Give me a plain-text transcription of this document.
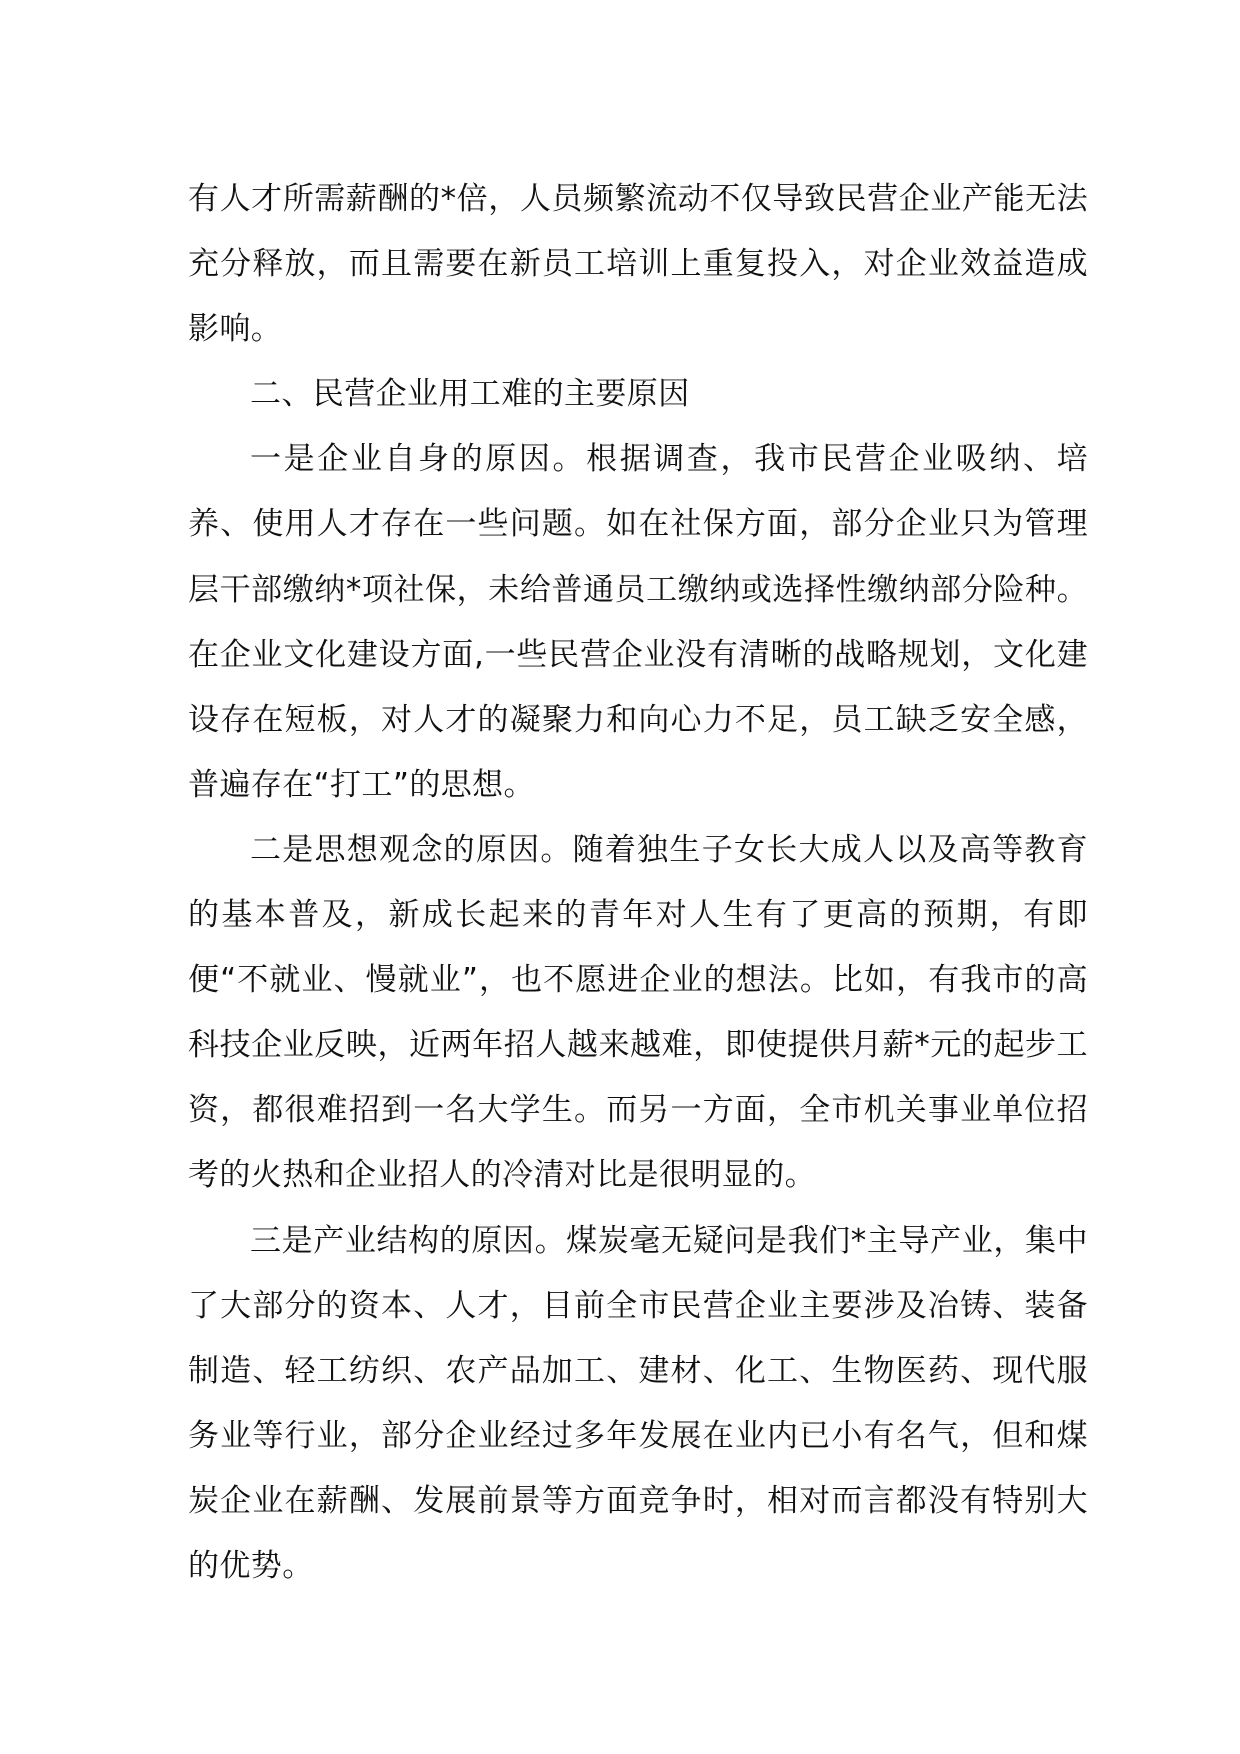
有人才所需薪酬的*倍，人员频繁流动不仅导致民营企业产能无法充分释放，而且需要在新员工培训上重复投入，对企业效益造成影响。

二、民营企业用工难的主要原因

一是企业自身的原因。根据调查，我市民营企业吸纳、培养、使用人才存在一些问题。如在社保方面，部分企业只为管理层干部缴纳*项社保，未给普通员工缴纳或选择性缴纳部分险种。在企业文化建设方面,一些民营企业没有清晰的战略规划，文化建设存在短板，对人才的凝聚力和向心力不足，员工缺乏安全感，普遍存在“打工”的思想。

二是思想观念的原因。随着独生子女长大成人以及高等教育的基本普及，新成长起来的青年对人生有了更高的预期，有即便“不就业、慢就业”，也不愿进企业的想法。比如，有我市的高科技企业反映，近两年招人越来越难，即使提供月薪*元的起步工资，都很难招到一名大学生。而另一方面，全市机关事业单位招考的火热和企业招人的冷清对比是很明显的。

三是产业结构的原因。煤炭毫无疑问是我们*主导产业，集中了大部分的资本、人才，目前全市民营企业主要涉及冶铸、装备制造、轻工纺织、农产品加工、建材、化工、生物医药、现代服务业等行业，部分企业经过多年发展在业内已小有名气，但和煤炭企业在薪酬、发展前景等方面竞争时，相对而言都没有特别大的优势。
